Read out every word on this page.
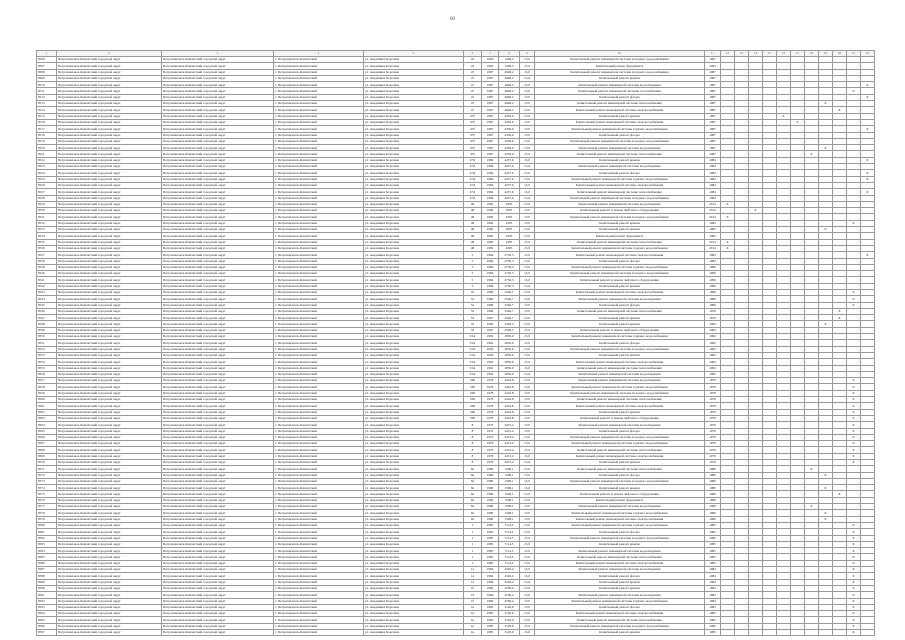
60
1	2	3	4	5	6	7	8	9	10	11	12	13	14	15	16	17	18	19	20	21	22
8506	Петропавловск-Камчатский городской округ	Петропавловск-Камчатский городской округ	г. Петропавловск-Камчатский	ул. Академика Королева	43	1963	1438,5	15,0	Капитальный ремонт инженерной системы холодного водоснабжения	1967											
8507	Петропавловск-Камчатский городской округ	Петропавловск-Камчатский городской округ	г. Петропавловск-Камчатский	ул. Академика Королева	43	1963	1438,5	15,0	Капитальный ремонт фундамента	1963											
8508	Петропавловск-Камчатский городской округ	Петропавловск-Камчатский городской округ	г. Петропавловск-Камчатский	ул. Академика Королева	47	1987	4948,2	15,0	Капитальный ремонт инженерной системы холодного водоснабжения	1987											
8509	Петропавловск-Камчатский городской округ	Петропавловск-Камчатский городской округ	г. Петропавловск-Камчатский	ул. Академика Королева	47	1987	4948,2	15,0	Капитальный ремонт крыши	1987											
8510	Петропавловск-Камчатский городской округ	Петропавловск-Камчатский городской округ	г. Петропавловск-Камчатский	ул. Академика Королева	47	1987	4948,2	15,0	Капитальный ремонт инженерной системы водоотведения	1987											X
8511	Петропавловск-Камчатский городской округ	Петропавловск-Камчатский городской округ	г. Петропавловск-Камчатский	ул. Академика Королева	47	1987	4948,2	15,0	Капитальный ремонт инженерной системы газоснабжения	1987										X	
8512	Петропавловск-Камчатский городской округ	Петропавловск-Камчатский городской округ	г. Петропавловск-Камчатский	ул. Академика Королева	47	1987	4948,2	15,0	Капитальный ремонт фасада	1987											X
8513	Петропавловск-Камчатский городской округ	Петропавловск-Камчатский городской округ	г. Петропавловск-Камчатский	ул. Академика Королева	47	1987	4948,2	15,0	Капитальный ремонт инженерной системы теплоснабжения	1987								X			
8514	Петропавловск-Камчатский городской округ	Петропавловск-Камчатский городской округ	г. Петропавловск-Камчатский	ул. Академика Королева	47	1987	4948,2	15,0	Капитальный ремонт инженерной системы электроснабжения	1987									X		
8515	Петропавловск-Камчатский городской округ	Петропавловск-Камчатский городской округ	г. Петропавловск-Камчатский	ул. Академика Королева	47б	1987	4356,9	15,0	Капитальный ремонт крыши	1987					X						
8516	Петропавловск-Камчатский городской округ	Петропавловск-Камчатский городской округ	г. Петропавловск-Камчатский	ул. Академика Королева	47б	1987	4356,9	15,0	Капитальный ремонт инженерной системы электроснабжения	1987						X					
8517	Петропавловск-Камчатский городской округ	Петропавловск-Камчатский городской округ	г. Петропавловск-Камчатский	ул. Академика Королева	47б	1987	4356,9	15,0	Капитальный ремонт инженерной системы горячего водоснабжения	1987											X
8518	Петропавловск-Камчатский городской округ	Петропавловск-Камчатский городской округ	г. Петропавловск-Камчатский	ул. Академика Королева	47б	1987	4356,9	15,0	Капитальный ремонт фасада	1987											
8519	Петропавловск-Камчатский городской округ	Петропавловск-Камчатский городской округ	г. Петропавловск-Камчатский	ул. Академика Королева	47б	1987	4356,9	15,0	Капитальный ремонт инженерной системы холодного водоснабжения	1987											
8520	Петропавловск-Камчатский городской округ	Петропавловск-Камчатский городской округ	г. Петропавловск-Камчатский	ул. Академика Королева	47б	1987	4356,9	15,0	Капитальный ремонт инженерной системы водоотведения	1987								X			
8521	Петропавловск-Камчатский городской округ	Петропавловск-Камчатский городской округ	г. Петропавловск-Камчатский	ул. Академика Королева	47б	1987	4356,9	15,0	Капитальный ремонт инженерной системы теплоснабжения	1987							X				
8522	Петропавловск-Камчатский городской округ	Петропавловск-Камчатский городской округ	г. Петропавловск-Камчатский	ул. Академика Королева	47Д	1984	4237,6	15,0	Капитальный ремонт крыши	1984											X
8523	Петропавловск-Камчатский городской округ	Петропавловск-Камчатский городской округ	г. Петропавловск-Камчатский	ул. Академика Королева	47Д	1984	4237,6	15,0	Капитальный ремонт инженерной системы водоотведения	1984											
8524	Петропавловск-Камчатский городской округ	Петропавловск-Камчатский городской округ	г. Петропавловск-Камчатский	ул. Академика Королева	47Д	1984	4237,6	15,0	Капитальный ремонт фасада	1984											X
8525	Петропавловск-Камчатский городской округ	Петропавловск-Камчатский городской округ	г. Петропавловск-Камчатский	ул. Академика Королева	47Д	1984	4237,6	15,0	Капитальный ремонт инженерной системы горячего водоснабжения	1984											X
8526	Петропавловск-Камчатский городской округ	Петропавловск-Камчатский городской округ	г. Петропавловск-Камчатский	ул. Академика Королева	47Д	1984	4237,6	15,0	Капитальный ремонт инженерной системы электроснабжения	1984											
8527	Петропавловск-Камчатский городской округ	Петропавловск-Камчатский городской округ	г. Петропавловск-Камчатский	ул. Академика Королева	47Д	1984	4237,6	15,0	Капитальный ремонт инженерной системы теплоснабжения	1984											X
8528	Петропавловск-Камчатский городской округ	Петропавловск-Камчатский городской округ	г. Петропавловск-Камчатский	ул. Академика Королева	47Д	1984	4237,6	15,0	Капитальный ремонт инженерной системы холодного водоснабжения	1984											
8529	Петропавловск-Камчатский городской округ	Петропавловск-Камчатский городской округ	г. Петропавловск-Камчатский	ул. Академика Королева	48	1982	4305	15,0	Капитальный ремонт инженерной системы водоотведения	2014	X										
8530	Петропавловск-Камчатский городской округ	Петропавловск-Камчатский городской округ	г. Петропавловск-Камчатский	ул. Академика Королева	48	1982	4305	15,0	Капитальный ремонт и замена лифтового оборудования	2014			X								
8531	Петропавловск-Камчатский городской округ	Петропавловск-Камчатский городской округ	г. Петропавловск-Камчатский	ул. Академика Королева	48	1982	4305	15,0	Капитальный ремонт инженерной системы холодного водоснабжения	2014	X										
8532	Петропавловск-Камчатский городской округ	Петропавловск-Камчатский городской округ	г. Петропавловск-Камчатский	ул. Академика Королева	48	1982	4305	15,0	Капитальный ремонт крыши	1982										X	
8533	Петропавловск-Камчатский городской округ	Петропавловск-Камчатский городской округ	г. Петропавловск-Камчатский	ул. Академика Королева	48	1982	4305	15,0	Капитальный ремонт крыши	1982								X			
8534	Петропавловск-Камчатский городской округ	Петропавловск-Камчатский городской округ	г. Петропавловск-Камчатский	ул. Академика Королева	48	1982	4305	15,0	Капитальный ремонт фундамента	1982											
8535	Петропавловск-Камчатский городской округ	Петропавловск-Камчатский городской округ	г. Петропавловск-Камчатский	ул. Академика Королева	48	1982	4305	15,0	Капитальный ремонт инженерной системы теплоснабжения	2014	X										
8536	Петропавловск-Камчатский городской округ	Петропавловск-Камчатский городской округ	г. Петропавловск-Камчатский	ул. Академика Королева	48	1982	4305	15,0	Капитальный ремонт инженерной системы горячего водоснабжения	2014	X										
8537	Петропавловск-Камчатский городской округ	Петропавловск-Камчатский городской округ	г. Петропавловск-Камчатский	ул. Академика Королева	5	1984	2750,3	15,0	Капитальный ремонт инженерной системы электроснабжения	1984											X
8538	Петропавловск-Камчатский городской округ	Петропавловск-Камчатский городской округ	г. Петропавловск-Камчатский	ул. Академика Королева	5	1984	2750,3	15,0	Капитальный ремонт фасада	1984											
8539	Петропавловск-Камчатский городской округ	Петропавловск-Камчатский городской округ	г. Петропавловск-Камчатский	ул. Академика Королева	5	1984	2750,3	15,0	Капитальный ремонт инженерной системы горячего водоснабжения	1999											
8540	Петропавловск-Камчатский городской округ	Петропавловск-Камчатский городской округ	г. Петропавловск-Камчатский	ул. Академика Королева	5	1984	2750,3	15,0	Капитальный ремонт инженерной системы холодного водоснабжения	1999											
8541	Петропавловск-Камчатский городской округ	Петропавловск-Камчатский городской округ	г. Петропавловск-Камчатский	ул. Академика Королева	5	1984	2750,3	15,0	Капитальный ремонт и замена лифтового оборудования	1999											
8542	Петропавловск-Камчатский городской округ	Петропавловск-Камчатский городской округ	г. Петропавловск-Камчатский	ул. Академика Королева	5	1984	2750,3	15,0	Капитальный ремонт крыши	1999											
8543	Петропавловск-Камчатский городской округ	Петропавловск-Камчатский городской округ	г. Петропавловск-Камчатский	ул. Академика Королева	52	1989	2546,7	15,0	Капитальный ремонт инженерной системы электроснабжения	1989										X	
8544	Петропавловск-Камчатский городской округ	Петропавловск-Камчатский городской округ	г. Петропавловск-Камчатский	ул. Академика Королева	52	1989	2546,7	15,0	Капитальный ремонт инженерной системы водоотведения	1989										X	
8545	Петропавловск-Камчатский городской округ	Петропавловск-Камчатский городской округ	г. Петропавловск-Камчатский	ул. Академика Королева	52	1989	2546,7	15,0	Капитальный ремонт фасада	1989										X	
8546	Петропавловск-Камчатский городской округ	Петропавловск-Камчатский городской округ	г. Петропавловск-Камчатский	ул. Академика Королева	52	1989	2546,7	15,0	Капитальный ремонт инженерной системы теплоснабжения	1976									X		
8547	Петропавловск-Камчатский городской округ	Петропавловск-Камчатский городской округ	г. Петропавловск-Камчатский	ул. Академика Королева	53	1967	2546,7	15,0	Капитальный ремонт крыши	1976									X		
8548	Петропавловск-Камчатский городской округ	Петропавловск-Камчатский городской округ	г. Петропавловск-Камчатский	ул. Академика Королева	53	1992	2548,5	15,0	Капитальный ремонт крыши	1992								X			
8549	Петропавловск-Камчатский городской округ	Петропавловск-Камчатский городской округ	г. Петропавловск-Камчатский	ул. Академика Королева	53	1967	2548,5	15,0	Капитальный ремонт и замена лифтового оборудования	1992											
8550	Петропавловск-Камчатский городской округ	Петропавловск-Камчатский городской округ	г. Петропавловск-Камчатский	ул. Академика Королева	53А	1992	2856,9	15,0	Капитальный ремонт инженерной системы горячего водоснабжения	1992											
8551	Петропавловск-Камчатский городской округ	Петропавловск-Камчатский городской округ	г. Петропавловск-Камчатский	ул. Академика Королева	53А	1992	2856,9	15,0	Капитальный ремонт фасада	1992											
8552	Петропавловск-Камчатский городской округ	Петропавловск-Камчатский городской округ	г. Петропавловск-Камчатский	ул. Академика Королева	53А	1992	2856,9	15,0	Капитальный ремонт инженерной системы холодного водоснабжения	1992											
8553	Петропавловск-Камчатский городской округ	Петропавловск-Камчатский городской округ	г. Петропавловск-Камчатский	ул. Академика Королева	53А	1992	2856,9	15,0	Капитальный ремонт крыши	1992											
8554	Петропавловск-Камчатский городской округ	Петропавловск-Камчатский городской округ	г. Петропавловск-Камчатский	ул. Академика Королева	53А	1992	2856,9	15,0	Капитальный ремонт инженерной системы электроснабжения	1992											
8555	Петропавловск-Камчатский городской округ	Петропавловск-Камчатский городской округ	г. Петропавловск-Камчатский	ул. Академика Королева	53А	1992	2856,9	15,0	Капитальный ремонт инженерной системы теплоснабжения	1992											
8556	Петропавловск-Камчатский городской округ	Петропавловск-Камчатский городской округ	г. Петропавловск-Камчатский	ул. Академика Королева	53А	1992	2856,9	15,0	Капитальный ремонт инженерной системы водоотведения	1992											
8557	Петропавловск-Камчатский городской округ	Петропавловск-Камчатский городской округ	г. Петропавловск-Камчатский	ул. Академика Королева	53Б	1978	4416,8	15,0	Капитальный ремонт инженерной системы водоотведения	1978										X	
8558	Петропавловск-Камчатский городской округ	Петропавловск-Камчатский городской округ	г. Петропавловск-Камчатский	ул. Академика Королева	53Б	1978	4416,8	15,0	Капитальный ремонт инженерной системы горячего водоснабжения	1978										X	
8559	Петропавловск-Камчатский городской округ	Петропавловск-Камчатский городской округ	г. Петропавловск-Камчатский	ул. Академика Королева	53Б	1978	4416,8	15,0	Капитальный ремонт инженерной системы холодного водоснабжения	1978										X	
8560	Петропавловск-Камчатский городской округ	Петропавловск-Камчатский городской округ	г. Петропавловск-Камчатский	ул. Академика Королева	53Б	1978	4416,8	15,0	Капитальный ремонт инженерной системы теплоснабжения	1978										X	
8561	Петропавловск-Камчатский городской округ	Петропавловск-Камчатский городской округ	г. Петропавловск-Камчатский	ул. Академика Королева	53Б	1978	4416,8	15,0	Капитальный ремонт инженерной системы электроснабжения	1978										X	
8562	Петропавловск-Камчатский городской округ	Петропавловск-Камчатский городской округ	г. Петропавловск-Камчатский	ул. Академика Королева	53Б	1978	4416,8	15,0	Капитальный ремонт крыши	1978										X	
8563	Петропавловск-Камчатский городской округ	Петропавловск-Камчатский городской округ	г. Петропавловск-Камчатский	ул. Академика Королева	53Б	1978	4416,8	15,0	Капитальный ремонт и замена лифтового оборудования	1978										X	
8564	Петропавловск-Камчатский городской округ	Петропавловск-Камчатский городской округ	г. Петропавловск-Камчатский	ул. Академика Королева	8	1979	4472,4	15,0	Капитальный ремонт инженерной системы водоотведения	1979										X	
8565	Петропавловск-Камчатский городской округ	Петропавловск-Камчатский городской округ	г. Петропавловск-Камчатский	ул. Академика Королева	8	1979	4472,4	15,0	Капитальный ремонт фасада	1979										X	
8566	Петропавловск-Камчатский городской округ	Петропавловск-Камчатский городской округ	г. Петропавловск-Камчатский	ул. Академика Королева	8	1979	4472,4	15,0	Капитальный ремонт инженерной системы холодного водоснабжения	1979										X	
8567	Петропавловск-Камчатский городской округ	Петропавловск-Камчатский городской округ	г. Петропавловск-Камчатский	ул. Академика Королева	8	1979	4472,4	15,0	Капитальный ремонт инженерной системы горячего водоснабжения	1979										X	
8568	Петропавловск-Камчатский городской округ	Петропавловск-Камчатский городской округ	г. Петропавловск-Камчатский	ул. Академика Королева	8	1979	4472,4	15,0	Капитальный ремонт инженерной системы теплоснабжения	1979										X	
8569	Петропавловск-Камчатский городской округ	Петропавловск-Камчатский городской округ	г. Петропавловск-Камчатский	ул. Академика Королева	8	1979	4472,4	15,0	Капитальный ремонт инженерной системы электроснабжения	1979										X	
8570	Петропавловск-Камчатский городской округ	Петропавловск-Камчатский городской округ	г. Петропавловск-Камчатский	ул. Академика Королева	8	1979	4472,4	15,0	Капитальный ремонт крыши	1979										X	
8571	Петропавловск-Камчатский городской округ	Петропавловск-Камчатский городской округ	г. Петропавловск-Камчатский	ул. Академика Королева	8а	1980	1508,1	15,0	Капитальный ремонт инженерной системы теплоснабжения	1980							X				
8572	Петропавловск-Камчатский городской округ	Петропавловск-Камчатский городской округ	г. Петропавловск-Камчатский	ул. Академика Королева	8а	1980	1508,1	15,0	Капитальный ремонт фасада	1980								X			
8573	Петропавловск-Камчатский городской округ	Петропавловск-Камчатский городской округ	г. Петропавловск-Камчатский	ул. Академика Королева	8а	1980	1508,1	15,0	Капитальный ремонт инженерной системы холодного водоснабжения	1980											
8574	Петропавловск-Камчатский городской округ	Петропавловск-Камчатский городской округ	г. Петропавловск-Камчатский	ул. Академика Королева	8а	1980	1508,1	15,0	Капитальный ремонт крыши	1980								X			
8575	Петропавловск-Камчатский городской округ	Петропавловск-Камчатский городской округ	г. Петропавловск-Камчатский	ул. Академика Королева	8а	1980	1508,1	15,0	Капитальный ремонт и замена лифтового оборудования	1980									X		
8576	Петропавловск-Камчатский городской округ	Петропавловск-Камчатский городской округ	г. Петропавловск-Камчатский	ул. Академика Королева	8а	1980	1508,1	15,0	Капитальный ремонт фундамента	1980											
8577	Петропавловск-Камчатский городской округ	Петропавловск-Камчатский городской округ	г. Петропавловск-Камчатский	ул. Академика Королева	8а	1980	1508,1	15,0	Капитальный ремонт инженерной системы водоотведения	1980							X				
8578	Петропавловск-Камчатский городской округ	Петропавловск-Камчатский городской округ	г. Петропавловск-Камчатский	ул. Академика Королева	8а	1980	1508,1	15,0	Капитальный ремонт инженерной системы горячего водоснабжения	1980								X			
8579	Петропавловск-Камчатский городской округ	Петропавловск-Камчатский городской округ	г. Петропавловск-Камчатский	ул. Академика Королева	8а	1980	1508,1	15,0	Капитальный ремонт инженерной системы электроснабжения	1980								X			
8580	Петропавловск-Камчатский городской округ	Петропавловск-Камчатский городской округ	г. Петропавловск-Камчатский	ул. Академика Королева	1	1985	7114,5	15,0	Капитальный ремонт инженерной системы горячего водоснабжения	1985										X	
8581	Петропавловск-Камчатский городской округ	Петропавловск-Камчатский городской округ	г. Петропавловск-Камчатский	ул. Академика Королева	1	1985	7114,5	15,0	Капитальный ремонт фасада	1985										X	
8582	Петропавловск-Камчатский городской округ	Петропавловск-Камчатский городской округ	г. Петропавловск-Камчатский	ул. Академика Королева	1	1985	7114,5	15,0	Капитальный ремонт инженерной системы холодного водоснабжения	1985										X	
8583	Петропавловск-Камчатский городской округ	Петропавловск-Камчатский городской округ	г. Петропавловск-Камчатский	ул. Академика Королева	1	1985	7114,5	15,0	Капитальный ремонт крыши	1985										X	
8584	Петропавловск-Камчатский городской округ	Петропавловск-Камчатский городской округ	г. Петропавловск-Камчатский	ул. Академика Королева	1	1985	7114,5	15,0	Капитальный ремонт инженерной системы водоотведения	1985										X	
8585	Петропавловск-Камчатский городской округ	Петропавловск-Камчатский городской округ	г. Петропавловск-Камчатский	ул. Академика Королева	1	1985	7114,5	15,0	Капитальный ремонт инженерной системы теплоснабжения	1985										X	
8586	Петропавловск-Камчатский городской округ	Петропавловск-Камчатский городской округ	г. Петропавловск-Камчатский	ул. Академика Королева	1	1985	7114,5	15,0	Капитальный ремонт инженерной системы электроснабжения	1985										X	
8587	Петропавловск-Камчатский городской округ	Петропавловск-Камчатский городской округ	г. Петропавловск-Камчатский	ул. Академика Королева	1а	1984	4526,4	15,0	Капитальный ремонт инженерной системы водоотведения	1984										X	
8588	Петропавловск-Камчатский городской округ	Петропавловск-Камчатский городской округ	г. Петропавловск-Камчатский	ул. Академика Королева	1а	1984	4526,4	15,0	Капитальный ремонт фасада	1984										X	
8589	Петропавловск-Камчатский городской округ	Петропавловск-Камчатский городской округ	г. Петропавловск-Камчатский	ул. Академика Королева	1а	1984	4526,4	15,0	Капитальный ремонт крыши	1984										X	
8590	Петропавловск-Камчатский городской округ	Петропавловск-Камчатский городской округ	г. Петропавловск-Камчатский	ул. Академика Королева	1б	1984	4706,4	15,0	Капитальный ремонт крыши	1984										X	
8591	Петропавловск-Камчатский городской округ	Петропавловск-Камчатский городской округ	г. Петропавловск-Камчатский	ул. Академика Королева	1б	1984	4706,4	15,0	Капитальный ремонт инженерной системы водоотведения	1984										X	
8592	Петропавловск-Камчатский городской округ	Петропавловск-Камчатский городской округ	г. Петропавловск-Камчатский	ул. Академика Королева	1б	1984	4706,4	15,0	Капитальный ремонт инженерной системы горячего водоснабжения	1984										X	
8593	Петропавловск-Камчатский городской округ	Петропавловск-Камчатский городской округ	г. Петропавловск-Камчатский	ул. Академика Королева	1в	1985	3126,9	15,0	Капитальный ремонт фасада	1985										X	
8594	Петропавловск-Камчатский городской округ	Петропавловск-Камчатский городской округ	г. Петропавловск-Камчатский	ул. Академика Королева	1в	1985	3126,9	15,0	Капитальный ремонт инженерной системы электроснабжения	1985										X	
8595	Петропавловск-Камчатский городской округ	Петропавловск-Камчатский городской округ	г. Петропавловск-Камчатский	ул. Академика Королева	1в	1985	3126,9	15,0	Капитальный ремонт инженерной системы теплоснабжения	1985										X	
8596	Петропавловск-Камчатский городской округ	Петропавловск-Камчатский городской округ	г. Петропавловск-Камчатский	ул. Академика Королева	1в	1985	3126,9	15,0	Капитальный ремонт инженерной системы холодного водоснабжения	1985										X	
8597	Петропавловск-Камчатский городской округ	Петропавловск-Камчатский городской округ	г. Петропавловск-Камчатский	ул. Академика Королева	1в	1985	3126,9	15,0	Капитальный ремонт крыши	1985										X	
